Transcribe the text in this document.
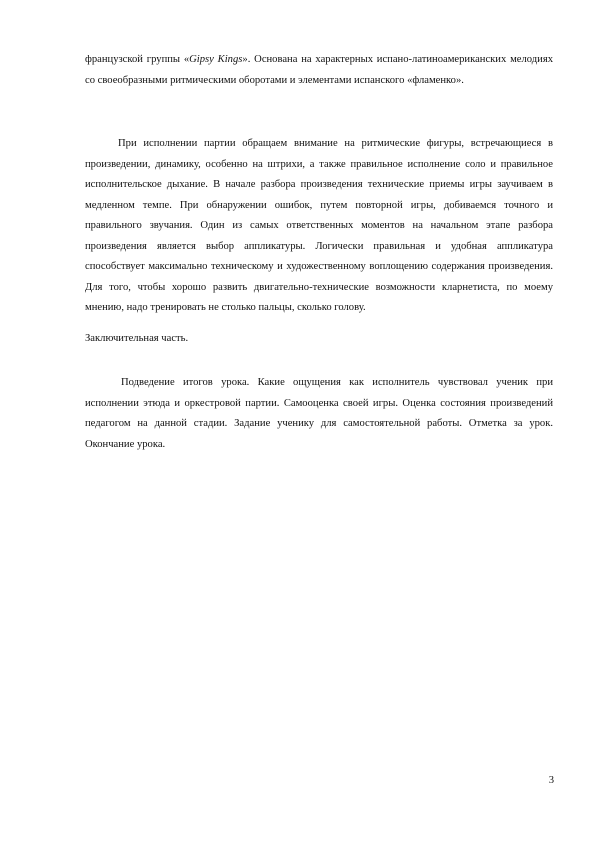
французской группы «Gipsy Kings». Основана на характерных испано-латиноамериканских мелодиях со своеобразными ритмическими оборотами и элементами испанского «фламенко».

При исполнении партии обращаем внимание на ритмические фигуры, встречающиеся в произведении, динамику, особенно на штрихи, а также правильное исполнение соло и правильное исполнительское дыхание. В начале разбора произведения технические приемы игры заучиваем в медленном темпе. При обнаружении ошибок, путем повторной игры, добиваемся точного и правильного звучания. Один из самых ответственных моментов на начальном этапе разбора произведения является выбор аппликатуры. Логически правильная и удобная аппликатура способствует максимально техническому и художественному воплощению содержания произведения. Для того, чтобы хорошо развить двигательно-технические возможности кларнетиста, по моему мнению, надо тренировать не столько пальцы, сколько голову.

Заключительная часть.

Подведение итогов урока. Какие ощущения как исполнитель чувствовал ученик при исполнении этюда и оркестровой партии. Самооценка своей игры. Оценка состояния произведений педагогом на данной стадии. Задание ученику для самостоятельной работы. Отметка за урок. Окончание урока.

3
